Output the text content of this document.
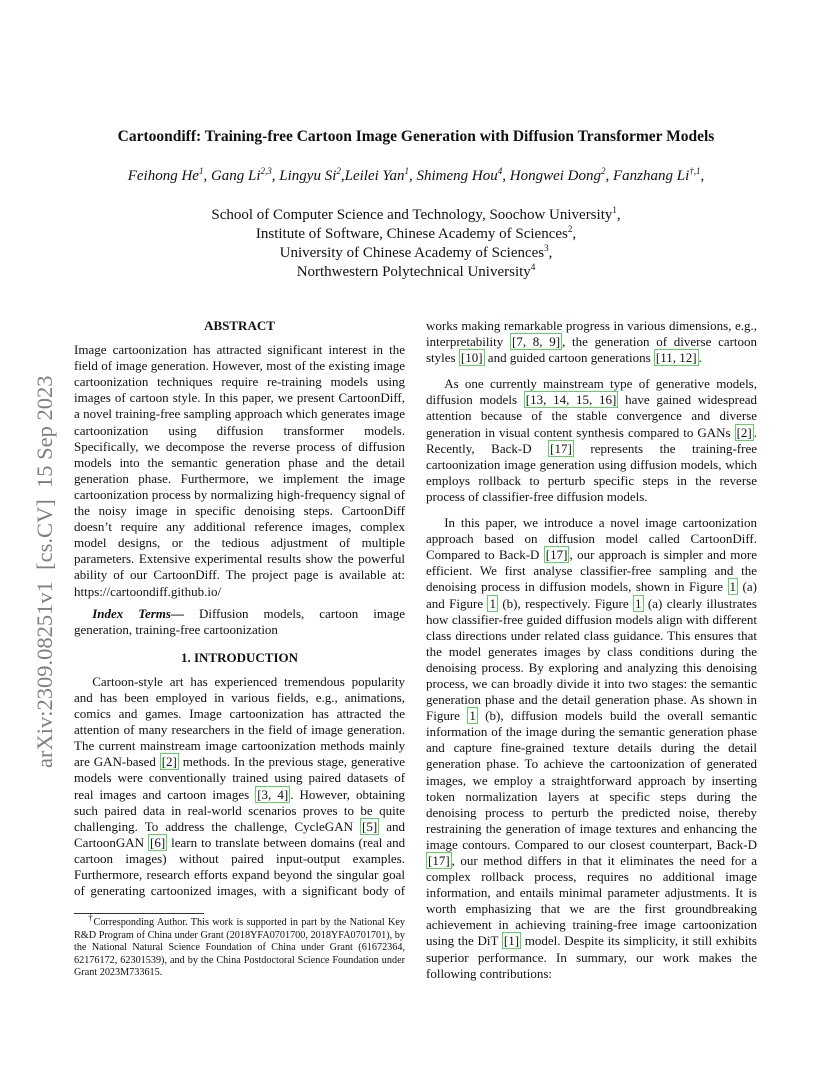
arXiv:2309.08251v1  [cs.CV]  15 Sep 2023
Cartoondiff: Training-free Cartoon Image Generation with Diffusion Transformer Models
Feihong He$^1$, Gang Li$^{2,3}$, Lingyu Si$^2$,Leilei Yan$^1$, Shimeng Hou$^4$, Hongwei Dong$^2$, Fanzhang $Li^{\dagger,1}$,
School of Computer Science and Technology, Soochow University$^1$,
Institute of Software, Chinese Academy of Sciences$^2$,
University of Chinese Academy of Sciences$^3$,
Northwestern Polytechnical University$^4$
ABSTRACT

Image cartoonization has attracted significant interest in the field of image generation. However, most of the existing image cartoonization techniques require re-training models using images of cartoon style. In this paper, we present CartoonDiff, a novel training-free sampling approach which generates image cartoonization using diffusion transformer models. Specifically, we decompose the reverse process of diffusion models into the semantic generation phase and the detail generation phase. Furthermore, we implement the image cartoonization process by normalizing high-frequency signal of the noisy image in specific denoising steps. CartoonDiff doesn’t require any additional reference images, complex model designs, or the tedious adjustment of multiple parameters. Extensive experimental results show the powerful ability of our CartoonDiff. The project page is available at: https://cartoondiff.github.io/

Index Terms— Diffusion models, cartoon image generation, training-free cartoonization

1. INTRODUCTION

Cartoon-style art has experienced tremendous popularity and has been employed in various fields, e.g., animations, comics and games. Image cartoonization has attracted the attention of many researchers in the field of image generation. The current mainstream image cartoonization methods mainly are GAN-based [2] methods. In the previous stage, generative models were conventionally trained using paired datasets of real images and cartoon images [3, 4] . However, obtaining such paired data in real-world scenarios proves to be quite challenging. To address the challenge, CycleGAN [5] and CartoonGAN [6] learn to translate between domains (real and cartoon images) without paired input-output examples. Furthermore, research efforts expand beyond the singular goal of generating cartoonized images, with a significant body of

works making remarkable progress in various dimensions, e.g., interpretability [7, 8, 9] , the generation of diverse cartoon styles [10] and guided cartoon generations [11, 12] .

As one currently mainstream type of generative models, diffusion models [13, 14, 15, 16] have gained widespread attention because of the stable convergence and diverse generation in visual content synthesis compared to GANs [2] . Recently, Back-D [17] represents the training-free cartoonization image generation using diffusion models, which employs rollback to perturb specific steps in the reverse process of classifier-free diffusion models.

In this paper, we introduce a novel image cartoonization approach based on diffusion model called CartoonDiff. Compared to Back-D [17] , our approach is simpler and more efficient. We first analyse classifier-free sampling and the denoising process in diffusion models, shown in Figure 1 (a) and Figure 1 (b), respectively. Figure 1 (a) clearly illustrates how classifier-free guided diffusion models align with different class directions under related class guidance. This ensures that the model generates images by class conditions during the denoising process. By exploring and analyzing this denoising process, we can broadly divide it into two stages: the semantic generation phase and the detail generation phase. As shown in Figure 1 (b), diffusion models build the overall semantic information of the image during the semantic generation phase and capture fine-grained texture details during the detail generation phase. To achieve the cartoonization of generated images, we employ a straightforward approach by inserting token normalization layers at specific steps during the denoising process to perturb the predicted noise, thereby restraining the generation of image textures and enhancing the image contours. Compared to our closest counterpart, Back-D [17] , our method differs in that it eliminates the need for a complex rollback process, requires no additional image information, and entails minimal parameter adjustments. It is worth emphasizing that we are the first groundbreaking achievement in achieving training-free image cartoonization using the DiT [1] model. Despite its simplicity, it still exhibits superior performance. In summary, our work makes the following contributions:

†Corresponding Author. This work is supported in part by the National Key R&D Program of China under Grant (2018YFA0701700, 2018YFA0701701), by the National Natural Science Foundation of China under Grant (61672364, 62176172, 62301539), and by the China Postdoctoral Science Foundation under Grant 2023M733615.
